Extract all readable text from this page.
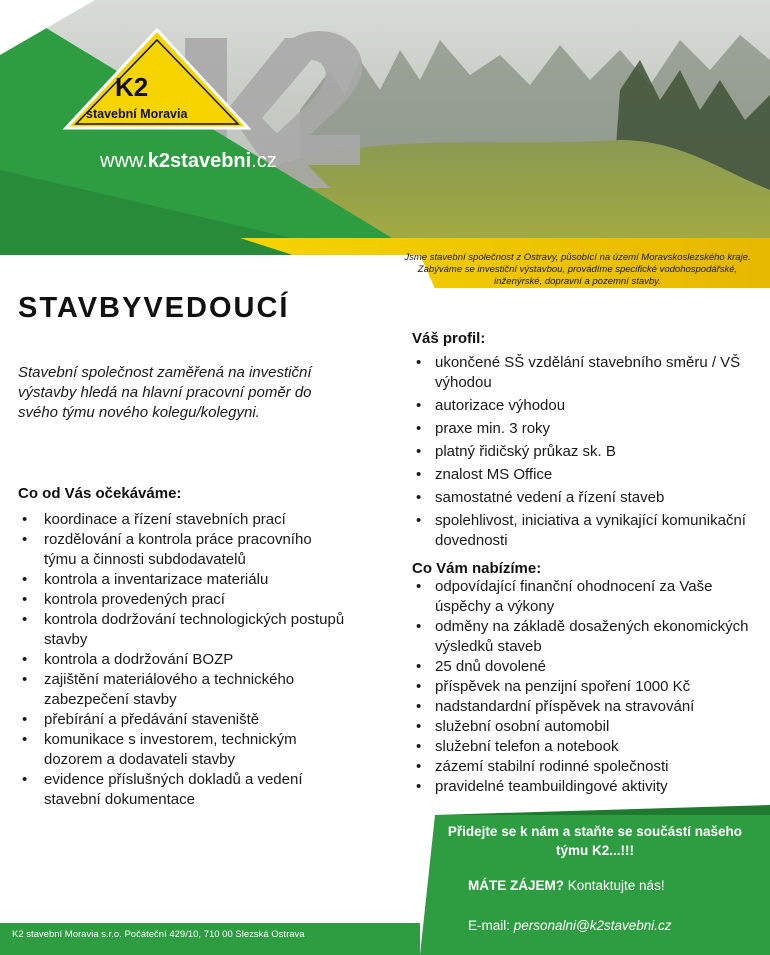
K2
stavební Moravia
www.k2stavebni.cz
Jsme stavební společnost z Ostravy, působící na území Moravskoslezského kraje. Zabýváme se investiční výstavbou, provádíme specifické vodohospodářské, inženýrské, dopravní a pozemní stavby.
STAVBYVEDOUCÍ
Stavební společnost zaměřená na investiční výstavby hledá na hlavní pracovní poměr do svého týmu nového kolegu/kolegyni.

Co od Vás očekáváme:

• koordinace a řízení stavebních prací
• rozdělování a kontrola práce pracovního týmu a činnosti subdodavatelů
• kontrola a inventarizace materiálu
• kontrola provedených prací
• kontrola dodržování technologických postupů stavby
• kontrola a dodržování BOZP
• zajištění materiálového a technického zabezpečení stavby
• přebírání a předávání staveniště
• komunikace s investorem, technickým dozorem a dodavateli stavby
• evidence příslušných dokladů a vedení stavební dokumentace

Váš profil:

• ukončené SŠ vzdělání stavebního směru / VŠ výhodou
• autorizace výhodou
• praxe min. 3 roky
• platný řidičský průkaz sk. B
• znalost MS Office
• samostatné vedení a řízení staveb
• spolehlivost, iniciativa a vynikající komunikační dovednosti

Co Vám nabízíme:

• odpovídající finanční ohodnocení za Vaše úspěchy a výkony
• odměny na základě dosažených ekonomických výsledků staveb
• 25 dnů dovolené
• příspěvek na penzijní spoření 1000 Kč
• nadstandardní příspěvek na stravování
• služební osobní automobil
• služební telefon a notebook
• zázemí stabilní rodinné společnosti
• pravidelné teambuildingové aktivity
K2 stavební Moravia s.r.o. Počáteční 429/10, 710 00 Slezská Ostrava
Přidejte se k nám a staňte se součástí našeho týmu K2...!!!
MÁTE ZÁJEM? Kontaktujte nás!
E-mail: personalni@k2stavebni.cz
